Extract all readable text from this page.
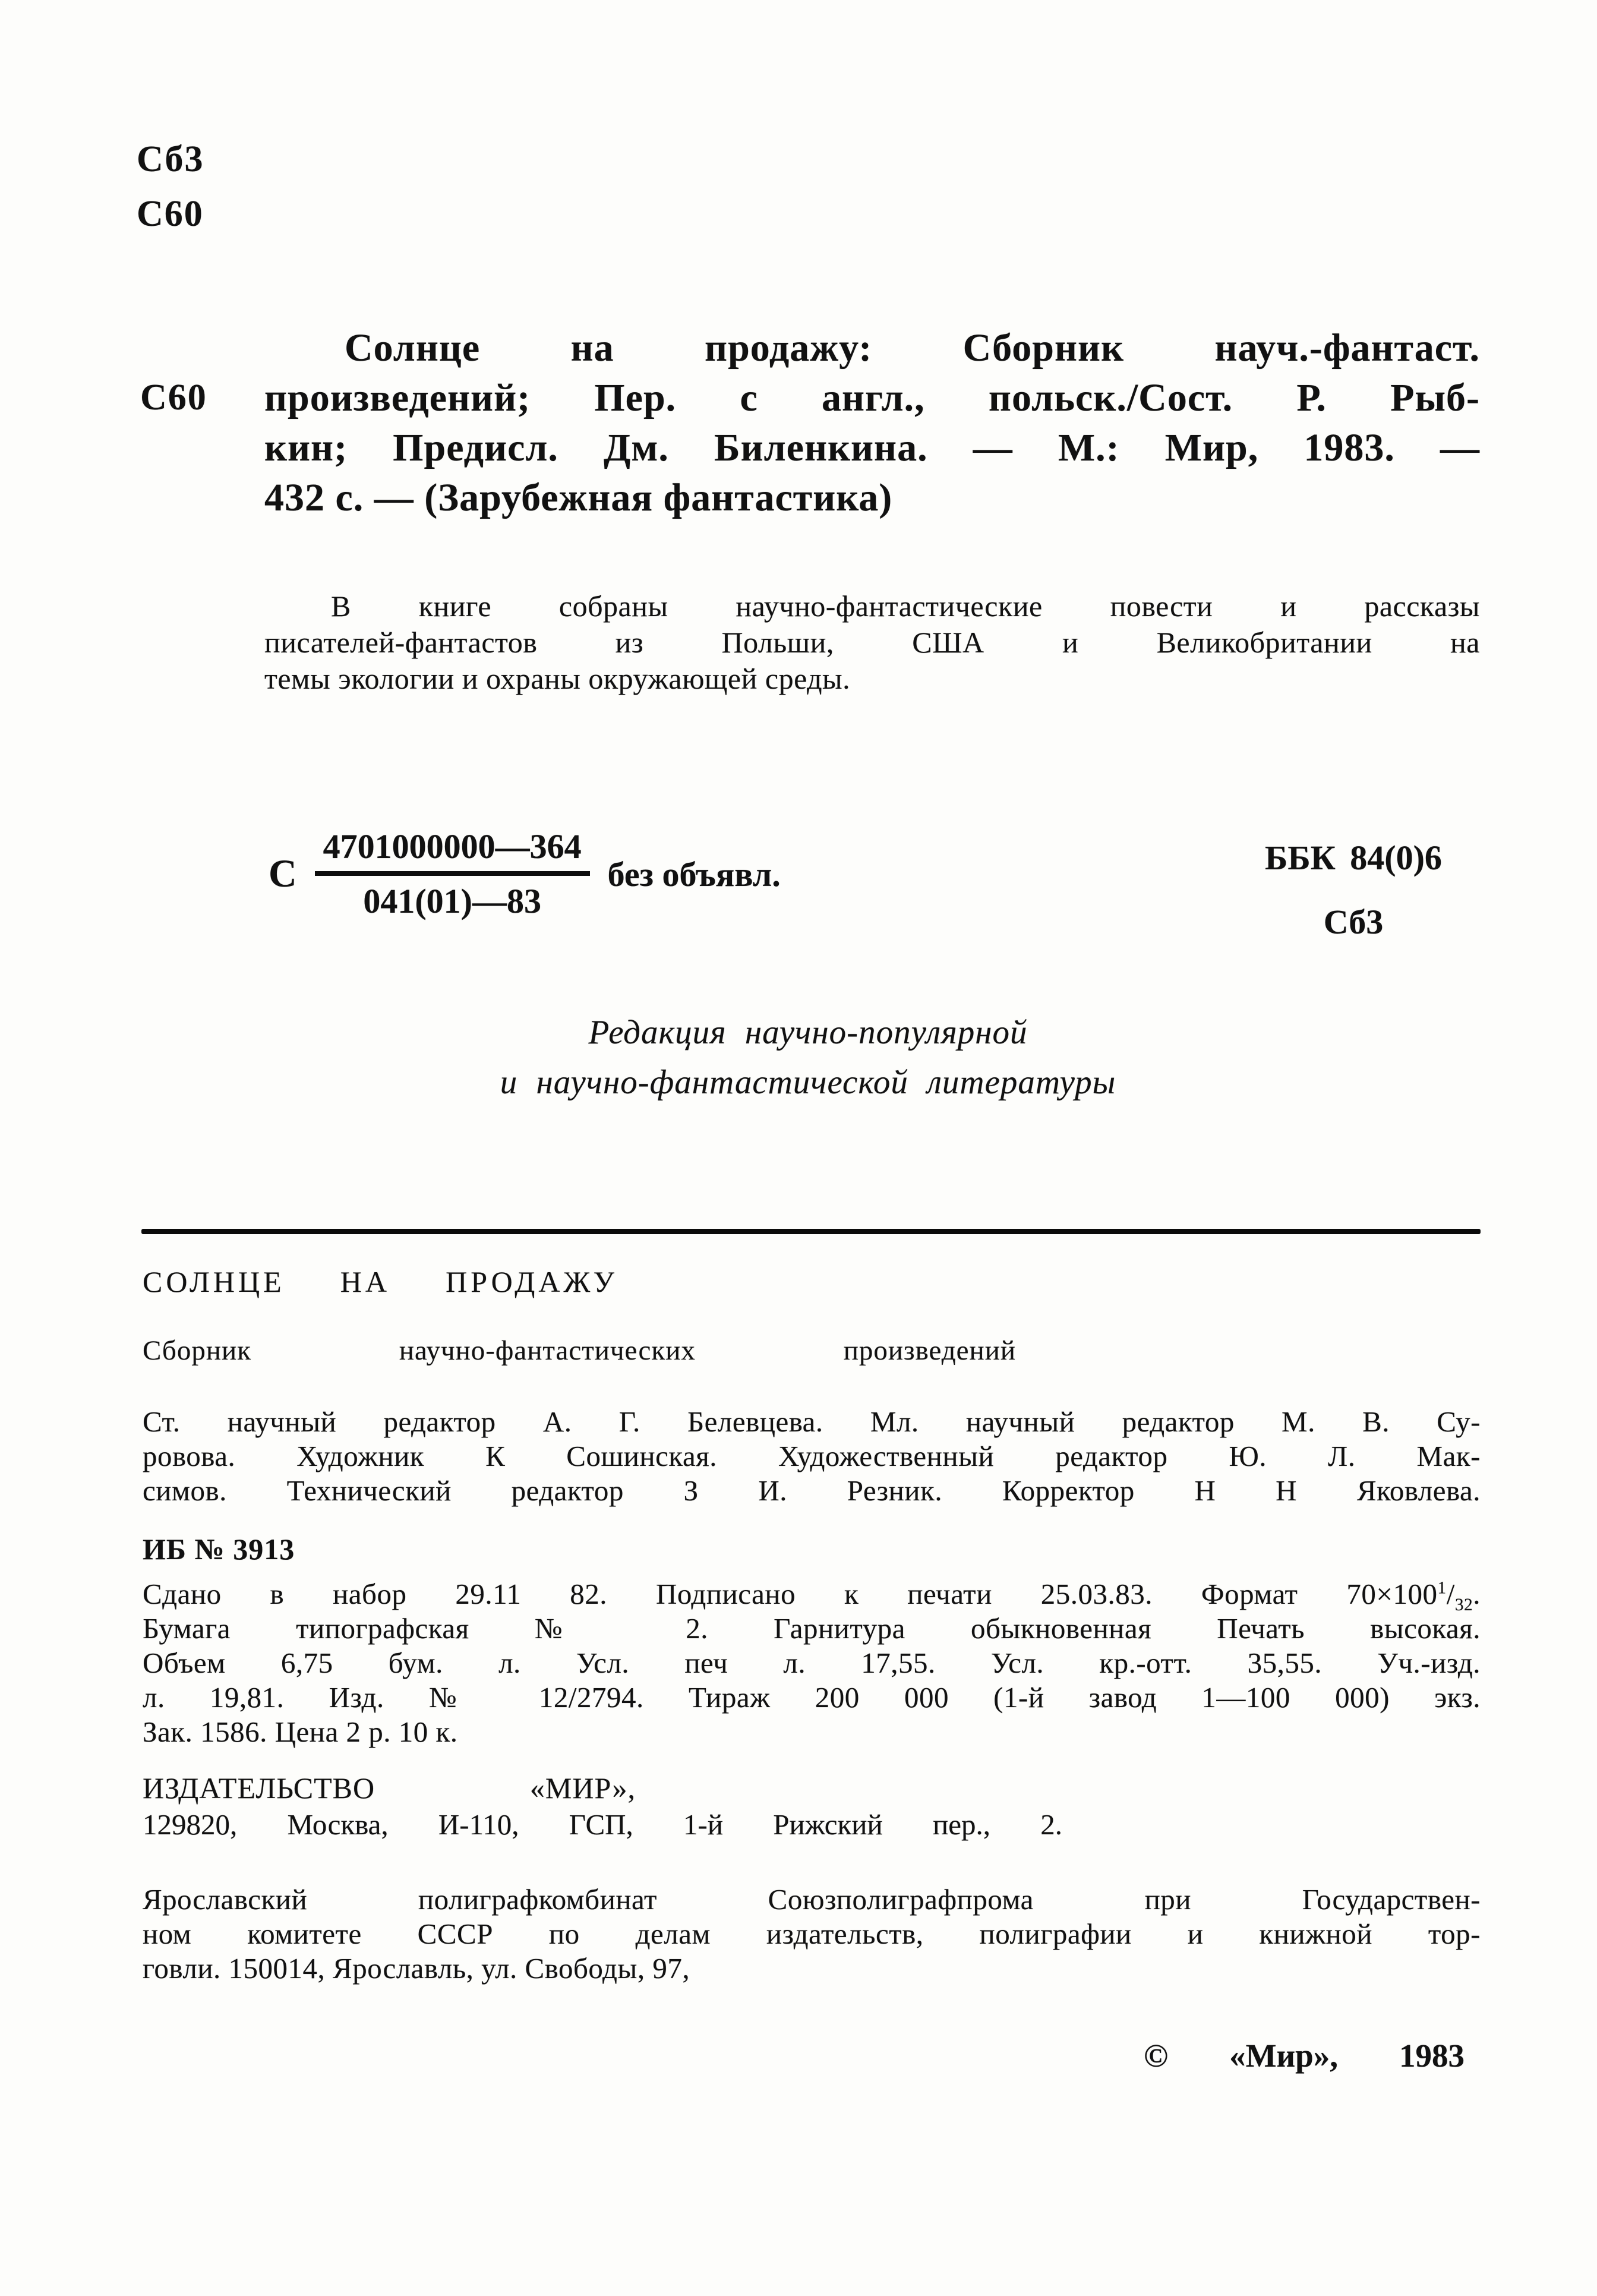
Сб3
С60
С60
Солнце на продажу: Сборник науч.-фантаст.
произведений; Пер. с англ., польск./Сост. Р. Рыб-
кин; Предисл. Дм. Биленкина. — М.: Мир, 1983. —
432 с. — (Зарубежная фантастика)
В книге собраны научно-фантастические повести и рассказы
писателей-фантастов из Польши, США и Великобритании на
темы экологии и охраны окружающей среды.
С $\frac{4701000000—364}{041(01)—83}$ без объявл.	ББК 84(0)6
Сб3
Редакция научно-популярной
и научно-фантастической литературы
СОЛНЦЕ НА ПРОДАЖУ
Сборник научно-фантастических произведений
Ст. научный редактор А. Г. Белевцева. Мл. научный редактор М. В. Су-
ровова. Художник К Сошинская. Художественный редактор Ю. Л. Мак-
симов. Технический редактор З И. Резник. Корректор Н Н Яковлева.
ИБ № 3913
Сдано в набор 29.11 82. Подписано к печати 25.03.83. Формат $70\times 100^1/_{32}$.
Бумага типографская № 2. Гарнитура обыкновенная Печать высокая.
Объем 6,75 бум. л. Усл. печ л. 17,55. Усл. кр.-отт. 35,55. Уч.-изд.
л. 19,81. Изд. № 12/2794. Тираж 200 000 (1-й завод 1—100 000) экз.
Зак. 1586. Цена 2 р. 10 к.
ИЗДАТЕЛЬСТВО «МИР»,
129820, Москва, И-110, ГСП, 1-й Рижский пер., 2.
Ярославский полиграфкомбинат Союзполиграфпрома при Государствен-
ном комитете СССР по делам издательств, полиграфии и книжной тор-
говли. 150014, Ярославль, ул. Свободы, 97,
© «Мир», 1983
